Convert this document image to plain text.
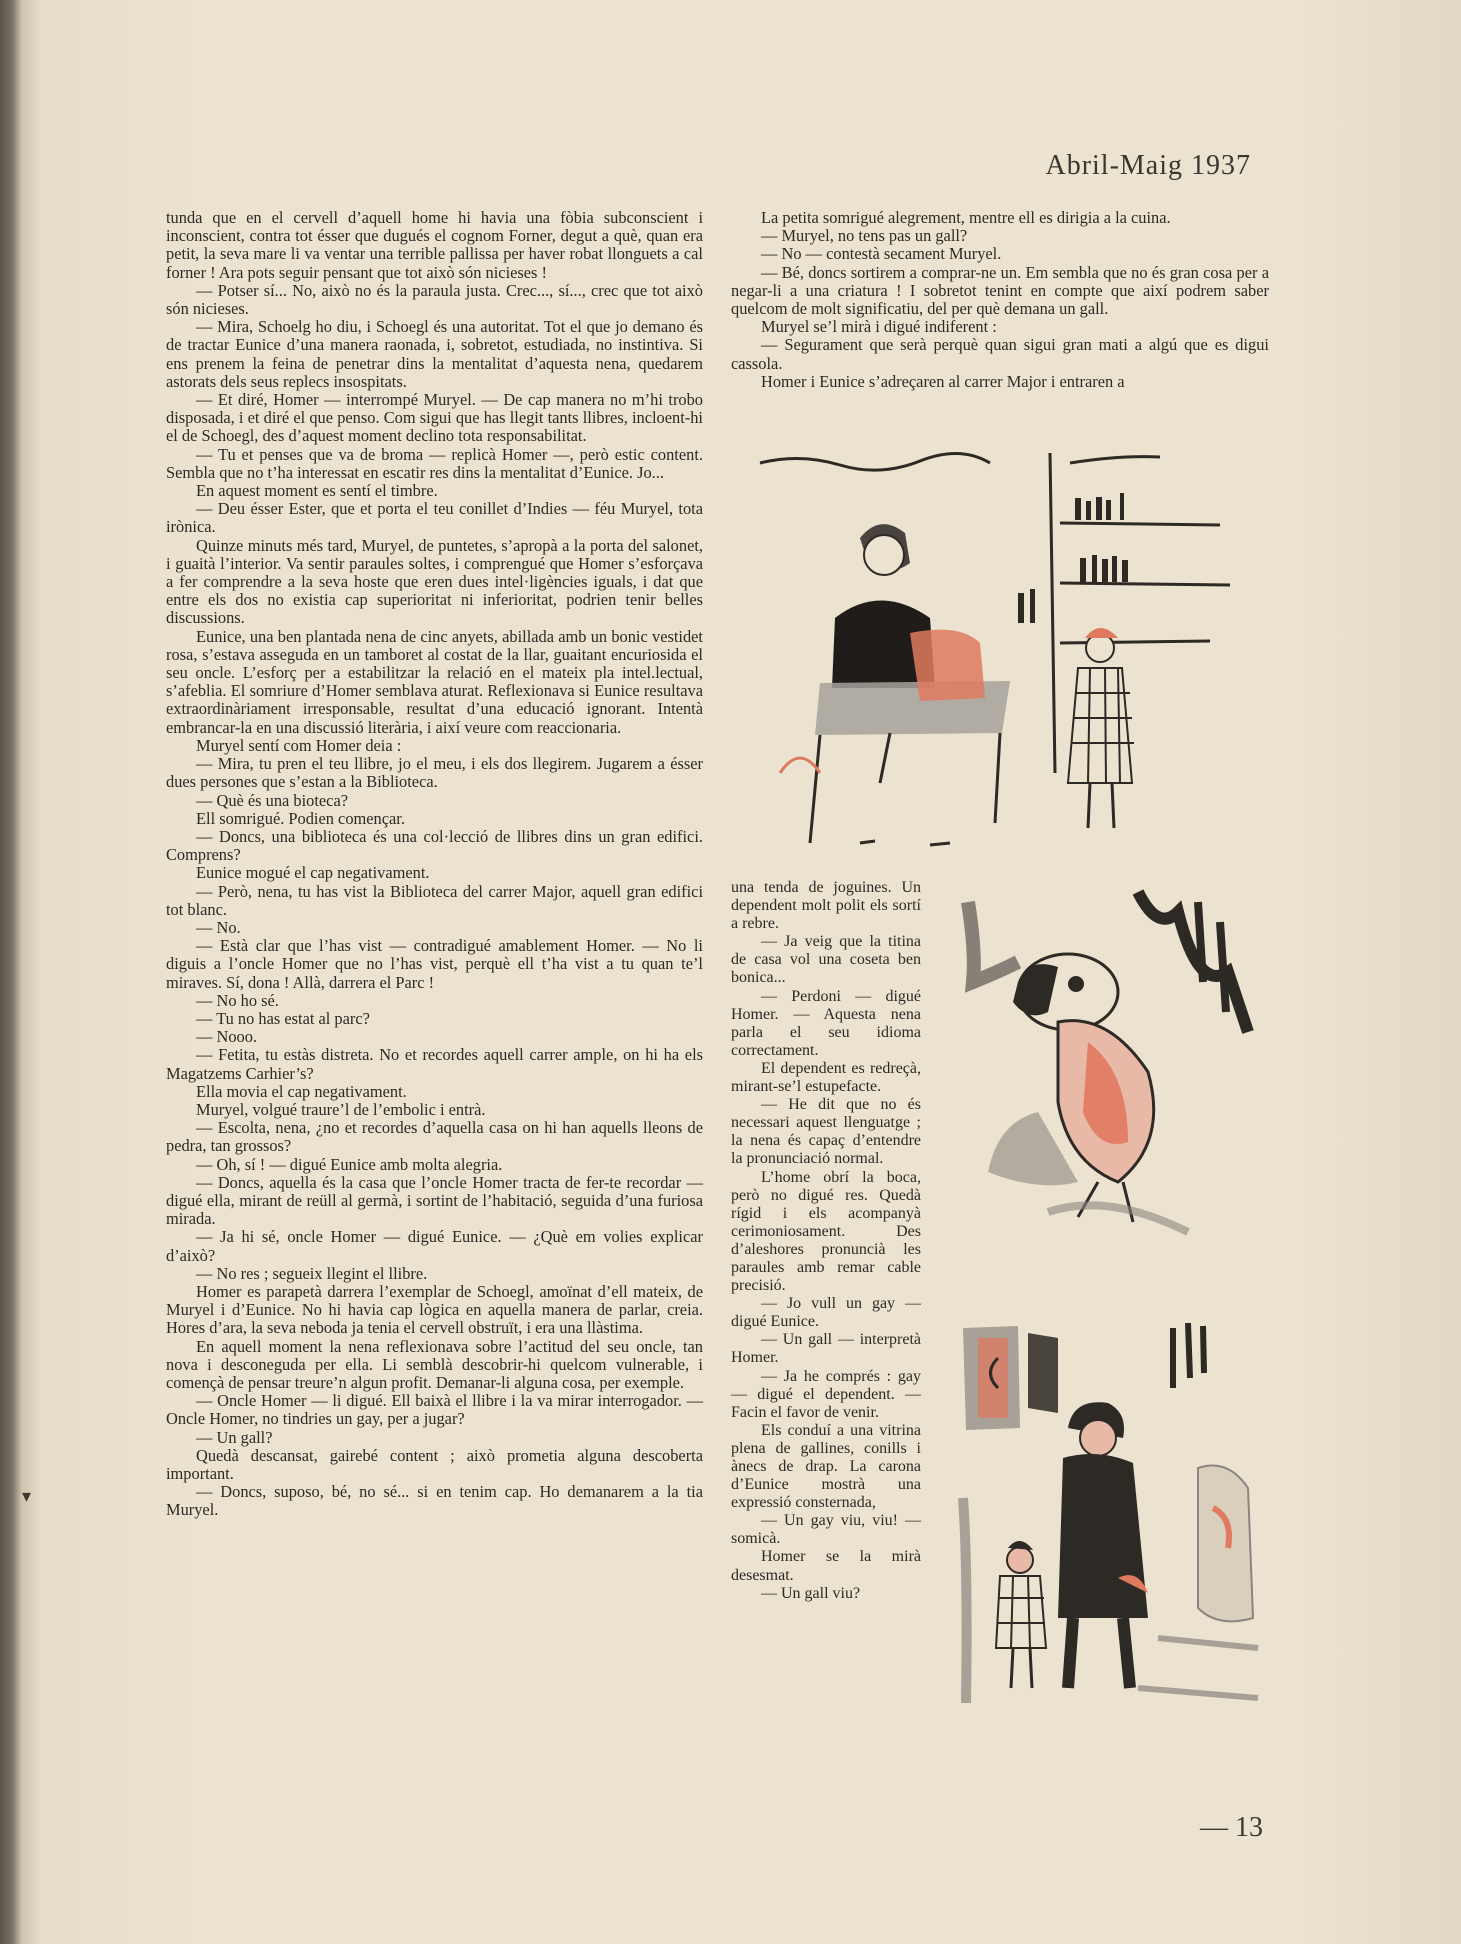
▾
Abril-Maig 1937

tunda que en el cervell d’aquell home hi havia una fòbia subconscient i inconscient, contra tot ésser que dugués el cognom Forner, degut a què, quan era petit, la seva mare li va ventar una terrible pallissa per haver robat llonguets a cal forner ! Ara pots seguir pensant que tot això són nicieses !

— Potser sí... No, això no és la paraula justa. Crec..., sí..., crec que tot això són nicieses.

— Mira, Schoelg ho diu, i Schoegl és una autoritat. Tot el que jo demano és de tractar Eunice d’una manera raonada, i, sobretot, estudiada, no instintiva. Si ens prenem la feina de penetrar dins la mentalitat d’aquesta nena, quedarem astorats dels seus replecs insospitats.

— Et diré, Homer — interrompé Muryel. — De cap manera no m’hi trobo disposada, i et diré el que penso. Com sigui que has llegit tants llibres, incloent-hi el de Schoegl, des d’aquest moment declino tota responsabilitat.

— Tu et penses que va de broma — replicà Homer —, però estic content. Sembla que no t’ha interessat en escatir res dins la mentalitat d’Eunice. Jo...

En aquest moment es sentí el timbre.

— Deu ésser Ester, que et porta el teu conillet d’Indies — féu Muryel, tota irònica.

Quinze minuts més tard, Muryel, de puntetes, s’apropà a la porta del salonet, i guaità l’interior. Va sentir paraules soltes, i comprengué que Homer s’esforçava a fer comprendre a la seva hoste que eren dues intel·ligències iguals, i dat que entre els dos no existia cap superioritat ni inferioritat, podrien tenir belles discussions.

Eunice, una ben plantada nena de cinc anyets, abillada amb un bonic vestidet rosa, s’estava asseguda en un tamboret al costat de la llar, guaitant encuriosida el seu oncle. L’esforç per a estabilitzar la relació en el mateix pla intel.lectual, s’afeblia. El somriure d’Homer semblava aturat. Reflexionava si Eunice resultava extraordinàriament irresponsable, resultat d’una educació ignorant. Intentà embrancar-la en una discussió literària, i així veure com reaccionaria.

Muryel sentí com Homer deia :

— Mira, tu pren el teu llibre, jo el meu, i els dos llegirem. Jugarem a ésser dues persones que s’estan a la Biblioteca.

— Què és una bioteca?

Ell somrigué. Podien començar.

— Doncs, una biblioteca és una col·lecció de llibres dins un gran edifici. Comprens?

Eunice mogué el cap negativament.

— Però, nena, tu has vist la Biblioteca del carrer Major, aquell gran edifici tot blanc.

— No.

— Està clar que l’has vist — contradigué amablement Homer. — No li diguis a l’oncle Homer que no l’has vist, perquè ell t’ha vist a tu quan te’l miraves. Sí, dona ! Allà, darrera el Parc !

— No ho sé.

— Tu no has estat al parc?

— Nooo.

— Fetita, tu estàs distreta. No et recordes aquell carrer ample, on hi ha els Magatzems Carhier’s?

Ella movia el cap negativament.

Muryel, volgué traure’l de l’embolic i entrà.

— Escolta, nena, ¿no et recordes d’aquella casa on hi han aquells lleons de pedra, tan grossos?

— Oh, sí ! — digué Eunice amb molta alegria.

— Doncs, aquella és la casa que l’oncle Homer tracta de fer-te recordar — digué ella, mirant de reüll al germà, i sortint de l’habitació, seguida d’una furiosa mirada.

— Ja hi sé, oncle Homer — digué Eunice. — ¿Què em volies explicar d’això?

— No res ; segueix llegint el llibre.

Homer es parapetà darrera l’exemplar de Schoegl, amoïnat d’ell mateix, de Muryel i d’Eunice. No hi havia cap lògica en aquella manera de parlar, creia. Hores d’ara, la seva neboda ja tenia el cervell obstruït, i era una llàstima.

En aquell moment la nena reflexionava sobre l’actitud del seu oncle, tan nova i desconeguda per ella. Li semblà descobrir-hi quelcom vulnerable, i començà de pensar treure’n algun profit. Demanar-li alguna cosa, per exemple.

— Oncle Homer — li digué. Ell baixà el llibre i la va mirar interrogador. — Oncle Homer, no tindries un gay, per a jugar?

— Un gall?

Quedà descansat, gairebé content ; això prometia alguna descoberta important.

— Doncs, suposo, bé, no sé... si en tenim cap. Ho demanarem a la tia Muryel.

La petita somrigué alegrement, mentre ell es dirigia a la cuina.

— Muryel, no tens pas un gall?

— No — contestà secament Muryel.

— Bé, doncs sortirem a comprar-ne un. Em sembla que no és gran cosa per a negar-li a una criatura ! I sobretot tenint en compte que així podrem saber quelcom de molt significatiu, del per què demana un gall.

Muryel se’l mirà i digué indiferent :

— Segurament que serà perquè quan sigui gran mati a algú que es digui cassola.

Homer i Eunice s’adreçaren al carrer Major i entraren a

una tenda de joguines. Un dependent molt polit els sortí a rebre.

— Ja veig que la titina de casa vol una coseta ben bonica...

— Perdoni — digué Homer. — Aquesta nena parla el seu idioma correctament.

El dependent es redreçà, mirant-se’l estupefacte.

— He dit que no és necessari aquest llenguatge ; la nena és capaç d’entendre la pronunciació normal.

L’home obrí la boca, però no digué res. Quedà rígid i els acompanyà cerimoniosament. Des d’aleshores pronuncià les paraules amb remar cable precisió.

— Jo vull un gay — digué Eunice.

— Un gall — interpretà Homer.

— Ja he comprés : gay — digué el dependent. — Facin el favor de venir.

Els conduí a una vitrina plena de gallines, conills i ànecs de drap. La carona d’Eunice mostrà una expressió consternada,

— Un gay viu, viu! — somicà.

Homer se la mirà desesmat.

— Un gall viu?

— 13
